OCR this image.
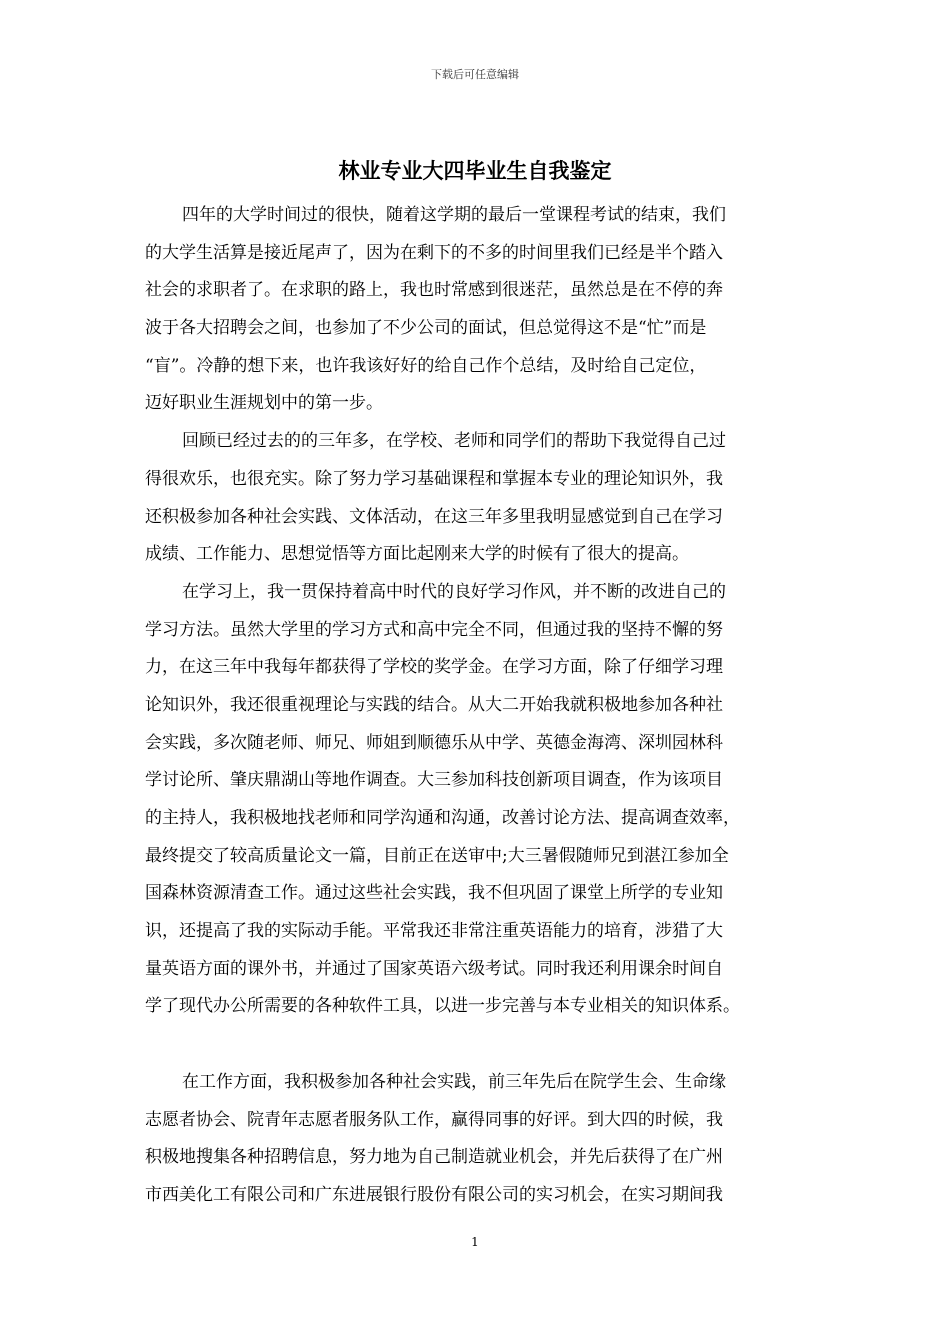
下载后可任意编辑
林业专业大四毕业生自我鉴定
四年的大学时间过的很快，随着这学期的最后一堂课程考试的结束，我们
的大学生活算是接近尾声了，因为在剩下的不多的时间里我们已经是半个踏入
社会的求职者了。在求职的路上，我也时常感到很迷茫，虽然总是在不停的奔
波于各大招聘会之间，也参加了不少公司的面试，但总觉得这不是“忙”而是
“盲”。冷静的想下来，也许我该好好的给自己作个总结，及时给自己定位，
迈好职业生涯规划中的第一步。
回顾已经过去的的三年多，在学校、老师和同学们的帮助下我觉得自己过
得很欢乐，也很充实。除了努力学习基础课程和掌握本专业的理论知识外，我
还积极参加各种社会实践、文体活动，在这三年多里我明显感觉到自己在学习
成绩、工作能力、思想觉悟等方面比起刚来大学的时候有了很大的提高。
在学习上，我一贯保持着高中时代的良好学习作风，并不断的改进自己的
学习方法。虽然大学里的学习方式和高中完全不同，但通过我的坚持不懈的努
力，在这三年中我每年都获得了学校的奖学金。在学习方面，除了仔细学习理
论知识外，我还很重视理论与实践的结合。从大二开始我就积极地参加各种社
会实践，多次随老师、师兄、师姐到顺德乐从中学、英德金海湾、深圳园林科
学讨论所、肇庆鼎湖山等地作调查。大三参加科技创新项目调查，作为该项目
的主持人，我积极地找老师和同学沟通和沟通，改善讨论方法、提高调查效率，
最终提交了较高质量论文一篇，目前正在送审中;大三暑假随师兄到湛江参加全
国森林资源清查工作。通过这些社会实践，我不但巩固了课堂上所学的专业知
识，还提高了我的实际动手能。平常我还非常注重英语能力的培育，涉猎了大
量英语方面的课外书，并通过了国家英语六级考试。同时我还利用课余时间自
学了现代办公所需要的各种软件工具，以进一步完善与本专业相关的知识体系。
在工作方面，我积极参加各种社会实践，前三年先后在院学生会、生命缘
志愿者协会、院青年志愿者服务队工作，赢得同事的好评。到大四的时候，我
积极地搜集各种招聘信息，努力地为自己制造就业机会，并先后获得了在广州
市西美化工有限公司和广东进展银行股份有限公司的实习机会，在实习期间我
1
